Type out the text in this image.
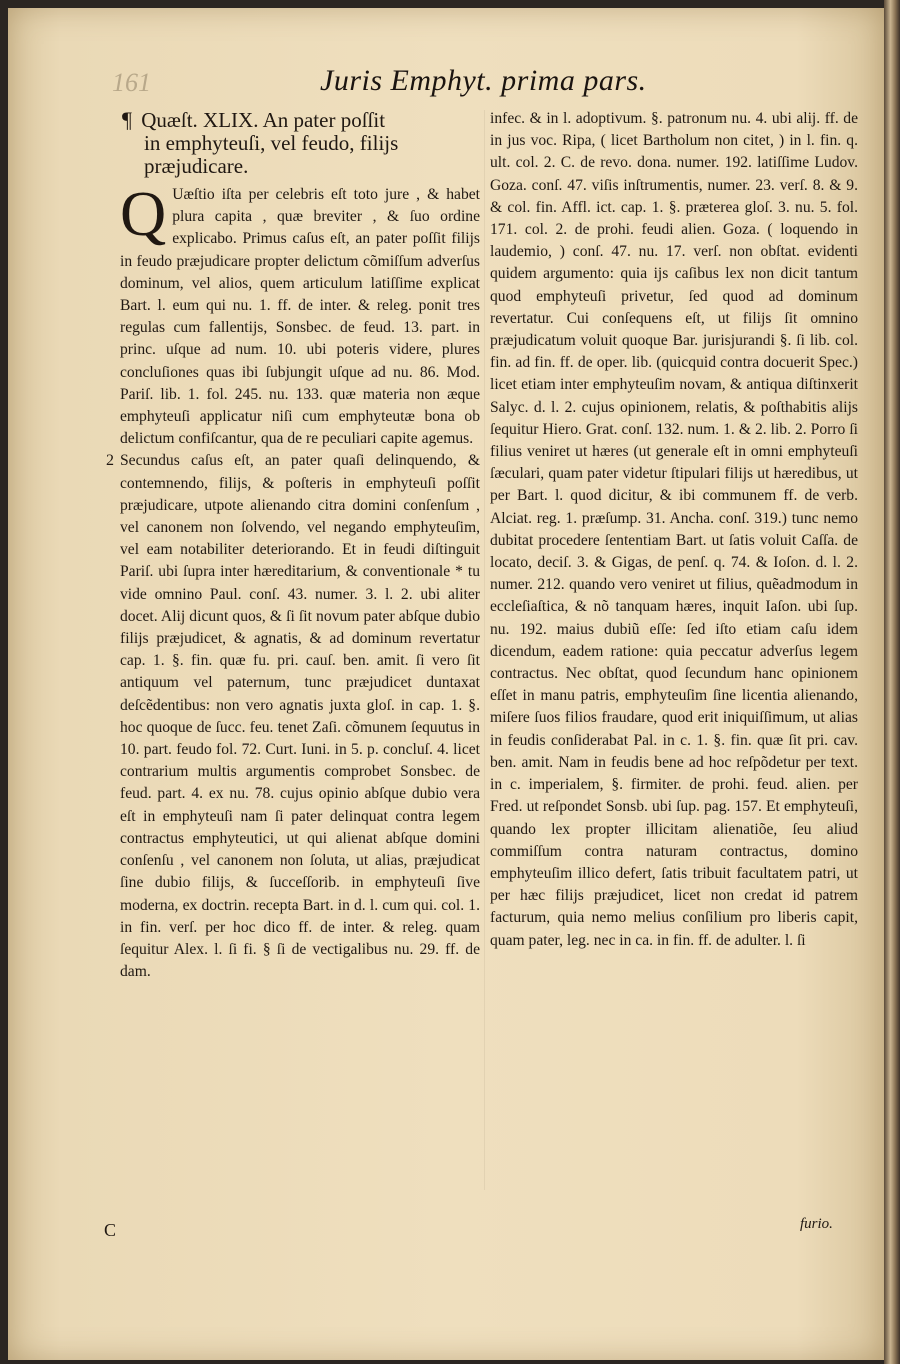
161	Juris Emphyt. prima pars.
¶ Quæſt. XLIX. An pater poſſit
in emphyteuſi, vel feudo, filijs præjudicare.

Q Uæſtio iſta per celebris eſt toto jure , & habet plura capita , quæ breviter , & ſuo ordine explicabo. Primus caſus eſt, an pater poſſit filijs in feudo præjudicare propter delictum cõmiſſum adverſus dominum, vel alios, quem articulum latiſſime explicat Bart. l. eum qui nu. 1. ff. de inter. & releg. ponit tres regulas cum fallentijs, Sonsbec. de feud. 13. part. in princ. uſque ad num. 10. ubi poteris videre, plures concluſiones quas ibi ſubjungit uſque ad nu. 86. Mod. Pariſ. lib. 1. fol. 245. nu. 133. quæ materia non æque emphyteuſi applicatur niſi cum emphyteutæ bona ob delictum confiſcantur, qua de re peculiari capite agemus.

2 Secundus caſus eſt, an pater quaſi delinquendo, & contemnendo, filijs, & poſteris in emphyteuſi poſſit præjudicare, utpote alienando citra domini conſenſum , vel canonem non ſolvendo, vel negando emphyteuſim, vel eam notabiliter deteriorando. Et in feudi diſtinguit Pariſ. ubi ſupra inter hæreditarium, & conventionale * tu vide omnino Paul. conſ. 43. numer. 3. l. 2. ubi aliter docet. Alij dicunt quos, & ſi ſit novum pater abſque dubio filijs præjudicet, & agnatis, & ad dominum revertatur cap. 1. §. fin. quæ fu. pri. cauſ. ben. amit. ſi vero ſit antiquum vel paternum, tunc præjudicet duntaxat deſcẽdentibus: non vero agnatis juxta gloſ. in cap. 1. §. hoc quoque de ſucc. feu. tenet Zaſi. cõmunem ſequutus in 10. part. feudo fol. 72. Curt. Iuni. in 5. p. concluſ. 4. licet contrarium multis argumentis comprobet Sonsbec. de feud. part. 4. ex nu. 78. cujus opinio abſque dubio vera eſt in emphyteuſi nam ſi pater delinquat contra legem contractus emphyteutici, ut qui alienat abſque domini conſenſu , vel canonem non ſoluta, ut alias, præjudicat ſine dubio filijs, & ſucceſſorib. in emphyteuſi ſive moderna, ex doctrin. recepta Bart. in d. l. cum qui. col. 1. in fin. verſ. per hoc dico ff. de inter. & releg. quam ſequitur Alex. l. ſi fi. § ſi de vectigalibus nu. 29. ff. de dam.

infec. & in l. adoptivum. §. patronum nu. 4. ubi alij. ff. de in jus voc. Ripa, ( licet Bartholum non citet, ) in l. fin. q. ult. col. 2. C. de revo. dona. numer. 192. latiſſime Ludov. Goza. conſ. 47. viſis inſtrumentis, numer. 23. verſ. 8. & 9. & col. fin. Affl. ict. cap. 1. §. præterea gloſ. 3. nu. 5. fol. 171. col. 2. de prohi. feudi alien. Goza. ( loquendo in laudemio, ) conſ. 47. nu. 17. verſ. non obſtat. evidenti quidem argumento: quia ijs caſibus lex non dicit tantum quod emphyteuſi privetur, ſed quod ad dominum revertatur. Cui conſequens eſt, ut filijs ſit omnino præjudicatum voluit quoque Bar. jurisjurandi §. ſi lib. col. fin. ad fin. ff. de oper. lib. (quicquid contra docuerit Spec.) licet etiam inter emphyteuſim novam, & antiqua diſtinxerit Salyc. d. l. 2. cujus opinionem, relatis, & poſthabitis alijs ſequitur Hiero. Grat. conſ. 132. num. 1. & 2. lib. 2. Porro ſi filius veniret ut hæres (ut generale eſt in omni emphyteuſi ſæculari, quam pater videtur ſtipulari filijs ut hæredibus, ut per Bart. l. quod dicitur, & ibi communem ff. de verb. Alciat. reg. 1. præſump. 31. Ancha. conſ. 319.) tunc nemo dubitat procedere ſententiam Bart. ut ſatis voluit Caſſa. de locato, deciſ. 3. & Gigas, de penſ. q. 74. & Ioſon. d. l. 2. numer. 212. quando vero veniret ut filius, quẽadmodum in eccleſiaſtica, & nõ tanquam hæres, inquit Iaſon. ubi ſup. nu. 192. maius dubiũ eſſe: ſed iſto etiam caſu idem dicendum, eadem ratione: quia peccatur adverſus legem contractus. Nec obſtat, quod ſecundum hanc opinionem eſſet in manu patris, emphyteuſim ſine licentia alienando, miſere ſuos filios fraudare, quod erit iniquiſſimum, ut alias in feudis conſiderabat Pal. in c. 1. §. fin. quæ ſit pri. cav. ben. amit. Nam in feudis bene ad hoc reſpõdetur per text. in c. imperialem, §. firmiter. de prohi. feud. alien. per Fred. ut reſpondet Sonsb. ubi ſup. pag. 157. Et emphyteuſi, quando lex propter illicitam alienatiõe, ſeu aliud commiſſum contra naturam contractus, domino emphyteuſim illico defert, ſatis tribuit facultatem patri, ut per hæc filijs præjudicet, licet non credat id patrem facturum, quia nemo melius conſilium pro liberis capit, quam pater, leg. nec in ca. in fin. ff. de adulter. l. ſi

furio.
C
